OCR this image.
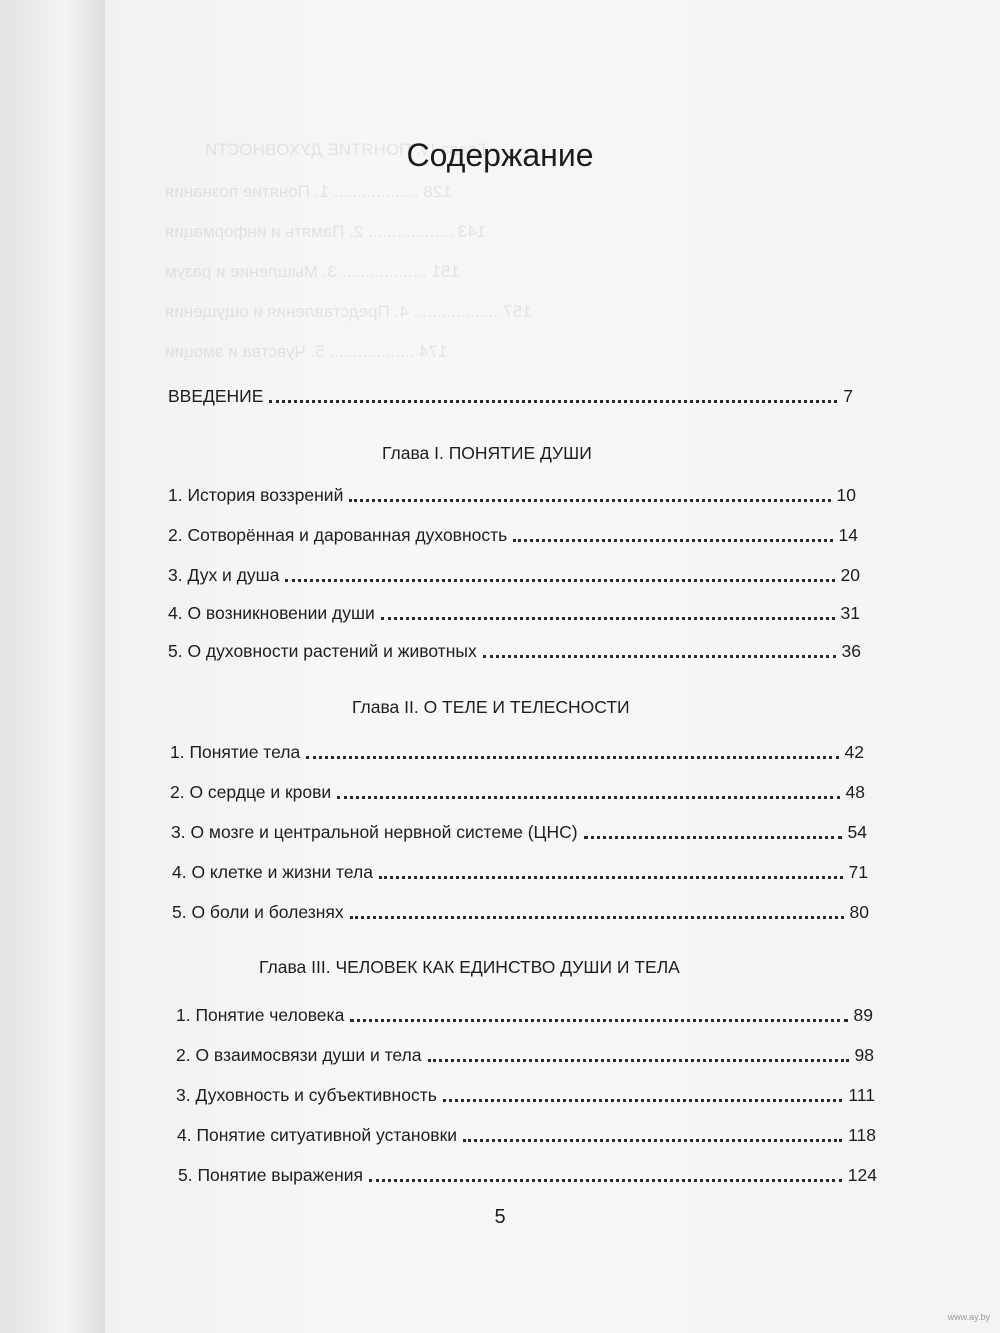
Глава IV. ПОНЯТИЕ ДУХОВНОСТИ
128 .................. 1. Понятие познания
143 .................. 2. Память и информация
151 .................. 3. Мышление и разум
157 .................. 4. Представления и ощущения
174 .................. 5. Чувства и эмоции
Содержание
ВВЕДЕНИЕ	7
Глава I. ПОНЯТИЕ ДУШИ
1. История воззрений	10
2. Сотворённая и дарованная духовность	14
3. Дух и душа	20
4. О возникновении души	31
5. О духовности растений и животных	36
Глава II. О ТЕЛЕ И ТЕЛЕСНОСТИ
1. Понятие тела	42
2. О сердце и крови	48
3. О мозге и центральной нервной системе (ЦНС)	54
4. О клетке и жизни тела	71
5. О боли и болезнях	80
Глава III. ЧЕЛОВЕК КАК ЕДИНСТВО ДУШИ И ТЕЛА
1. Понятие человека	89
2. О взаимосвязи души и тела	98
3. Духовность и субъективность	111
4. Понятие ситуативной установки	118
5. Понятие выражения	124
5
www.ay.by
